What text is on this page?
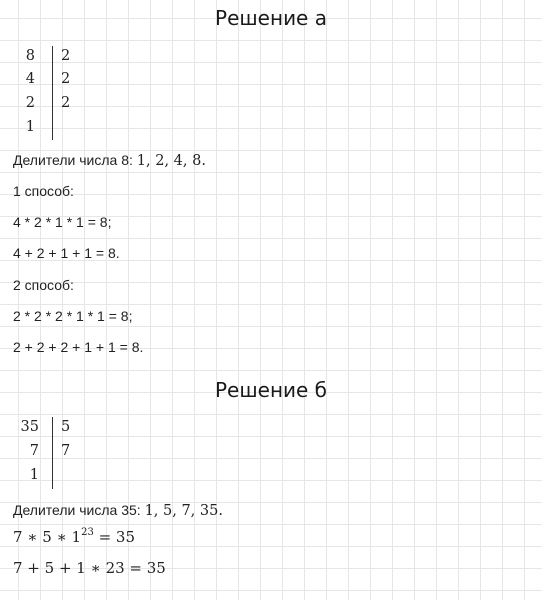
Решение а
8 2
4 2
2 2
1
Делители числа 8: 1, 2, 4, 8.
1 способ:
4 * 2 * 1 * 1 = 8;
4 + 2 + 1 + 1 = 8.
2 способ:
2 * 2 * 2 * 1 * 1 = 8;
2 + 2 + 2 + 1 + 1 = 8.
Решение б
35 5
7 7
1
Делители числа 35: 1, 5, 7, 35.
7 ∗ 5 ∗ $1^{23} = 35$
7 + 5 + 1 ∗ 23 = 35
